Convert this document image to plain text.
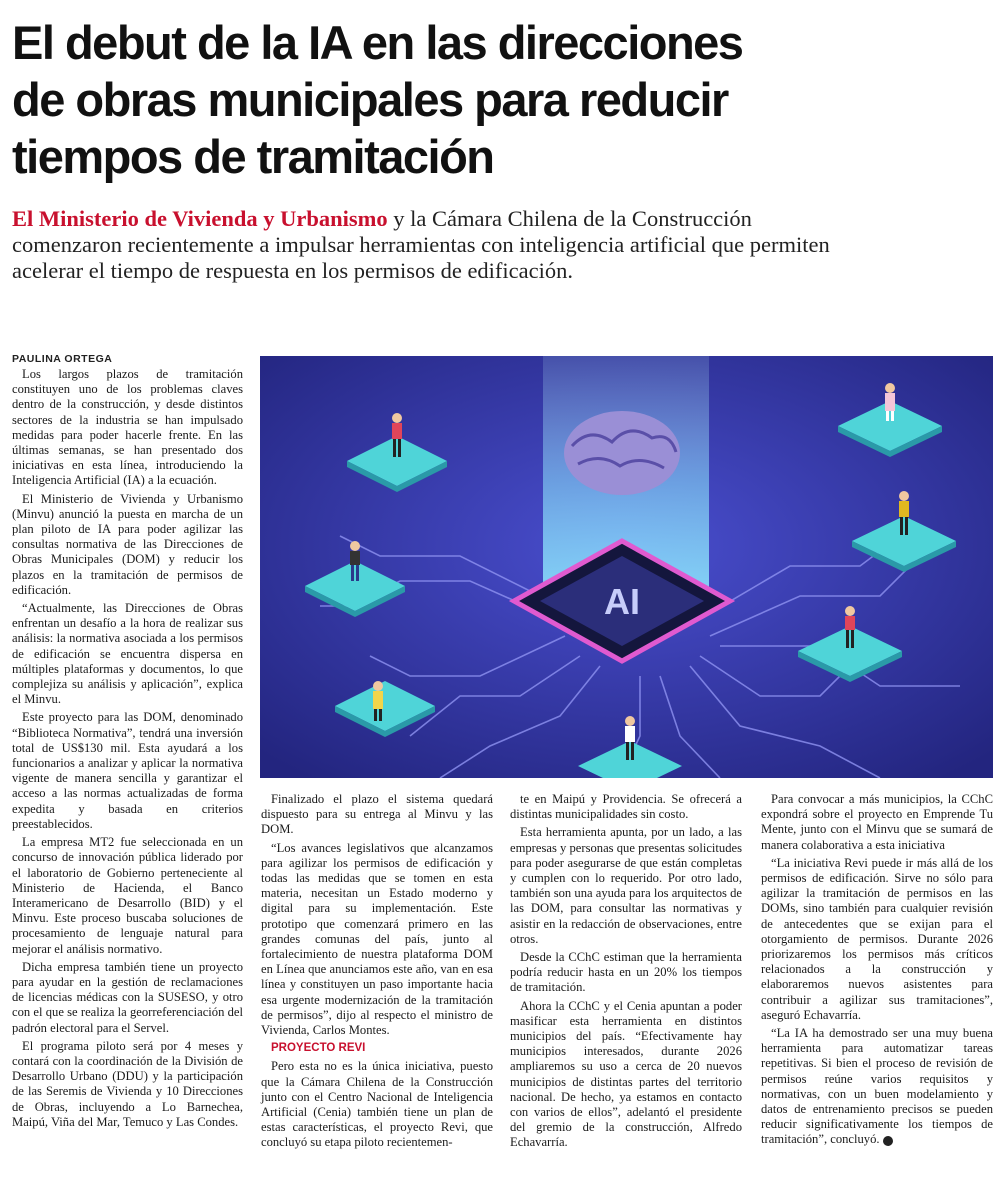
El debut de la IA en las direcciones
de obras municipales para reducir
tiempos de tramitación
El Ministerio de Vivienda y Urbanismo y la Cámara Chilena de la Construcción
comenzaron recientemente a impulsar herramientas con inteligencia artificial que permiten
acelerar el tiempo de respuesta en los permisos de edificación.
PAULINA ORTEGA
AI

Los largos plazos de tramitación constituyen uno de los problemas claves dentro de la construcción, y desde distintos sectores de la industria se han impulsado medidas para poder hacerle frente. En las últimas semanas, se han presentado dos iniciativas en esta línea, introduciendo la Inteligencia Artificial (IA) a la ecuación.

El Ministerio de Vivienda y Urbanismo (Minvu) anunció la puesta en marcha de un plan piloto de IA para poder agilizar las consultas normativa de las Direcciones de Obras Municipales (DOM) y reducir los plazos en la tramitación de permisos de edificación.

“Actualmente, las Direcciones de Obras enfrentan un desafío a la hora de realizar sus análisis: la normativa asociada a los permisos de edificación se encuentra dispersa en múltiples plataformas y documentos, lo que complejiza su análisis y aplicación”, explica el Minvu.

Este proyecto para las DOM, denominado “Biblioteca Normativa”, tendrá una inversión total de US$130 mil. Esta ayudará a los funcionarios a analizar y aplicar la normativa vigente de manera sencilla y garantizar el acceso a las normas actualizadas de forma expedita y basada en criterios preestablecidos.

La empresa MT2 fue seleccionada en un concurso de innovación pública liderado por el laboratorio de Gobierno perteneciente al Ministerio de Hacienda, el Banco Interamericano de Desarrollo (BID) y el Minvu. Este proceso buscaba soluciones de procesamiento de lenguaje natural para mejorar el análisis normativo.

Dicha empresa también tiene un proyecto para ayudar en la gestión de reclamaciones de licencias médicas con la SUSESO, y otro con el que se realiza la georreferenciación del padrón electoral para el Servel.

El programa piloto será por 4 meses y contará con la coordinación de la División de Desarrollo Urbano (DDU) y la participación de las Seremis de Vivienda y 10 Direcciones de Obras, incluyendo a Lo Barnechea, Maipú, Viña del Mar, Temuco y Las Condes.

Finalizado el plazo el sistema quedará dispuesto para su entrega al Minvu y las DOM.

“Los avances legislativos que alcanzamos para agilizar los permisos de edificación y todas las medidas que se tomen en esta materia, necesitan un Estado moderno y digital para su implementación. Este prototipo que comenzará primero en las grandes comunas del país, junto al fortalecimiento de nuestra plataforma DOM en Línea que anunciamos este año, van en esa línea y constituyen un paso importante hacia esa urgente modernización de la tramitación de permisos”, dijo al respecto el ministro de Vivienda, Carlos Montes.

PROYECTO REVI

Pero esta no es la única iniciativa, puesto que la Cámara Chilena de la Construcción junto con el Centro Nacional de Inteligencia Artificial (Cenia) también tiene un plan de estas características, el proyecto Revi, que concluyó su etapa piloto recientemen-

te en Maipú y Providencia. Se ofrecerá a distintas municipalidades sin costo.

Esta herramienta apunta, por un lado, a las empresas y personas que presentas solicitudes para poder asegurarse de que están completas y cumplen con lo requerido. Por otro lado, también son una ayuda para los arquitectos de las DOM, para consultar las normativas y asistir en la redacción de observaciones, entre otros.

Desde la CChC estiman que la herramienta podría reducir hasta en un 20% los tiempos de tramitación.

Ahora la CChC y el Cenia apuntan a poder masificar esta herramienta en distintos municipios del país. “Efectivamente hay municipios interesados, durante 2026 ampliaremos su uso a cerca de 20 nuevos municipios de distintas partes del territorio nacional. De hecho, ya estamos en contacto con varios de ellos”, adelantó el presidente del gremio de la construcción, Alfredo Echavarría.

Para convocar a más municipios, la CChC expondrá sobre el proyecto en Emprende Tu Mente, junto con el Minvu que se sumará de manera colaborativa a esta iniciativa

“La iniciativa Revi puede ir más allá de los permisos de edificación. Sirve no sólo para agilizar la tramitación de permisos en las DOMs, sino también para cualquier revisión de antecedentes que se exijan para el otorgamiento de permisos. Durante 2026 priorizaremos los permisos más críticos relacionados a la construcción y elaboraremos nuevos asistentes para contribuir a agilizar sus tramitaciones”, aseguró Echavarría.

“La IA ha demostrado ser una muy buena herramienta para automatizar tareas repetitivas. Si bien el proceso de revisión de permisos reúne varios requisitos y normativas, con un buen modelamiento y datos de entrenamiento precisos se pueden reducir significativamente los tiempos de tramitación”, concluyó.
